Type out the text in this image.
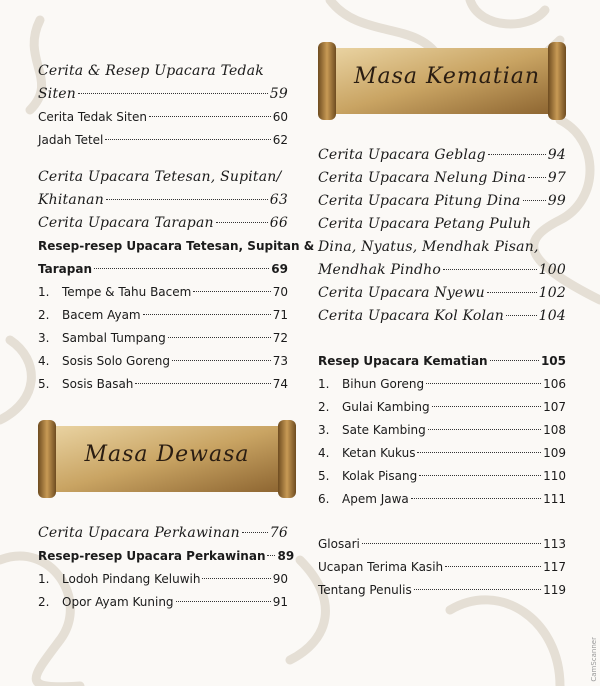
Cerita & Resep Upacara Tedak
Siten	59
Cerita Tedak Siten	60
Jadah Tetel	62
Cerita Upacara Tetesan, Supitan/
Khitanan	63
Cerita Upacara Tarapan	66
Resep-resep Upacara Tetesan, Supitan &
Tarapan	69
1.	Tempe & Tahu Bacem	70
2.	Bacem Ayam	71
3.	Sambal Tumpang	72
4.	Sosis Solo Goreng	73
5.	Sosis Basah	74
Masa Dewasa
Cerita Upacara Perkawinan 76
Resep-resep Upacara Perkawinan 89
1.	Lodoh Pindang Keluwih	90
2.	Opor Ayam Kuning	91
Masa Kematian
Cerita Upacara Geblag	94
Cerita Upacara Nelung Dina 97
Cerita Upacara Pitung Dina 99
Cerita Upacara Petang Puluh
Dina, Nyatus, Mendhak Pisan,
Mendhak Pindho	100
Cerita Upacara Nyewu	102
Cerita Upacara Kol Kolan 104
Resep Upacara Kematian	105
1.	Bihun Goreng	106
2.	Gulai Kambing	107
3.	Sate Kambing	108
4.	Ketan Kukus	109
5.	Kolak Pisang	110
6.	Apem Jawa	111
Glosari	113
Ucapan Terima Kasih	117
Tentang Penulis	119
CamScanner
